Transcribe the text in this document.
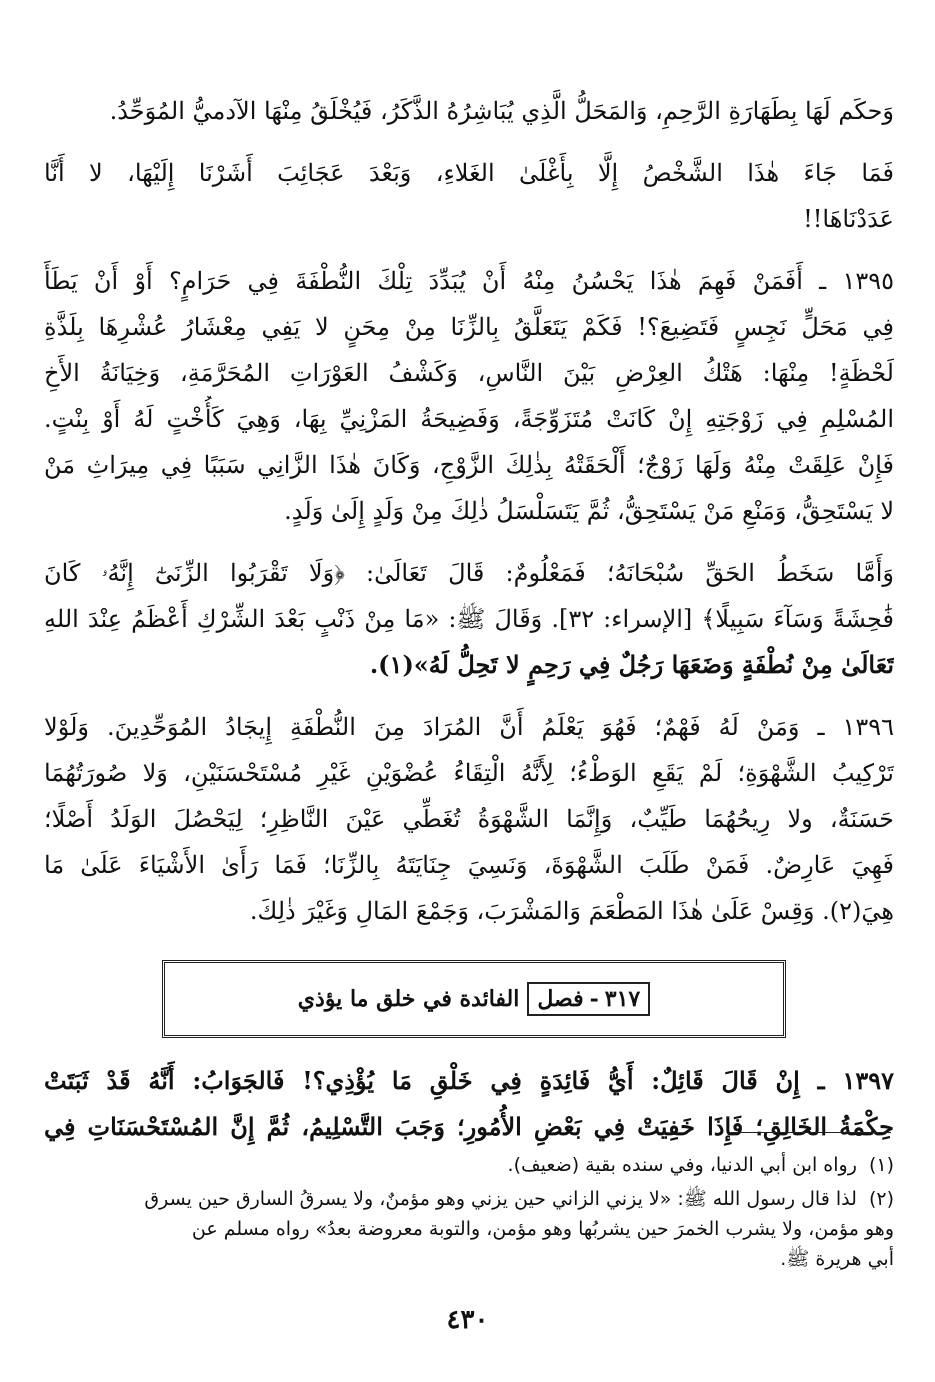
وَحكَم لَهَا بِطَهَارَةِ الرَّحِمِ، وَالمَحَلُّ الَّذِي يُبَاشِرُهُ الذَّكَرُ، فَيُخْلَقُ مِنْهَا الآدميُّ المُوَحِّدُ.

فَمَا جَاءَ هٰذَا الشَّخْصُ إِلَّا بِأَغْلَىٰ الغَلاءِ، وَبَعْدَ عَجَائِبَ أَشَرْنَا إِلَيْهَا، لا أَنَّا
عَدَدْنَاهَا!!

١٣٩٥ ـ أَفَمَنْ فَهِمَ هٰذَا يَحْسُنُ مِنْهُ أَنْ يُبَدِّدَ تِلْكَ النُّطْفَةَ فِي حَرَامٍ؟ أَوْ أَنْ يَطَأَ
فِي مَحَلٍّ نَجِسٍ فَتَضِيعَ؟! فَكَمْ يَتَعَلَّقُ بِالزِّنَا مِنْ مِحَنٍ لا يَفِي مِعْشَارُ عُشْرِهَا بِلَذَّةِ
لَحْظَةٍ! مِنْهَا: هَتْكُ العِرْضِ بَيْنَ النَّاسِ، وَكَشْفُ العَوْرَاتِ المُحَرَّمَةِ، وَخِيَانَةُ الأَخِ
المُسْلِمِ فِي زَوْجَتِهِ إِنْ كَانَتْ مُتَزَوِّجَةً، وَفَضِيحَةُ المَزْنِيِّ بِهَا، وَهِيَ كَأُخْتٍ لَهُ أَوْ بِنْتٍ.
فَإِنْ عَلِقَتْ مِنْهُ وَلَهَا زَوْجٌ؛ أَلْحَقَتْهُ بِذٰلِكَ الزَّوْجِ، وَكَانَ هٰذَا الزَّانِي سَبَبًا فِي مِيرَاثِ مَنْ
لا يَسْتَحِقُّ، وَمَنْعِ مَنْ يَسْتَحِقُّ، ثُمَّ يَتَسَلْسَلُ ذٰلِكَ مِنْ وَلَدٍ إِلَىٰ وَلَدٍ.

وَأَمَّا سَخَطُ الحَقِّ سُبْحَانَهُ؛ فَمَعْلُومٌ: قَالَ تَعَالَىٰ: ﴿وَلَا تَقْرَبُوا الزِّنَىٰٓ إِنَّهُۥ كَانَ
فَٰحِشَةً وَسَآءَ سَبِيلًا﴾ [الإسراء: ٣٢]. وَقَالَ ﷺ: «مَا مِنْ ذَنْبٍ بَعْدَ الشِّرْكِ أَعْظَمُ عِنْدَ اللهِ
تَعَالَىٰ مِنْ نُطْفَةٍ وَضَعَهَا رَجُلٌ فِي رَحِمٍ لا تَحِلُّ لَهُ»(١).

١٣٩٦ ـ وَمَنْ لَهُ فَهْمٌ؛ فَهُوَ يَعْلَمُ أَنَّ المُرَادَ مِنَ النُّطْفَةِ إِيجَادُ المُوَحِّدِينَ. وَلَوْلا
تَرْكِيبُ الشَّهْوَةِ؛ لَمْ يَقَعِ الوَطْءُ؛ لِأَنَّهُ الْتِقَاءُ عُضْوَيْنِ غَيْرِ مُسْتَحْسَنَيْنِ، وَلا صُورَتُهُمَا
حَسَنَةٌ، ولا رِيحُهُمَا طَيِّبٌ، وَإِنَّمَا الشَّهْوَةُ تُغَطِّي عَيْنَ النَّاظِرِ؛ لِيَحْصُلَ الوَلَدُ أَصْلًا؛
فَهِيَ عَارِضٌ. فَمَنْ طَلَبَ الشَّهْوَةَ، وَنَسِيَ جِنَايَتَهُ بِالزِّنَا؛ فَمَا رَأَىٰ الأَشْيَاءَ عَلَىٰ مَا
هِيَ(٢). وَقِسْ عَلَىٰ هٰذَا المَطْعَمَ وَالمَشْرَبَ، وَجَمْعَ المَالِ وَغَيْرَ ذٰلِكَ.

٣١٧
-
فصل
الفائدة في خلق ما يؤذي

١٣٩٧ ـ إِنْ قَالَ قَائِلٌ: أَيُّ فَائِدَةٍ فِي خَلْقِ مَا يُؤْذِي؟! فَالجَوَابُ: أَنَّهُ قَدْ ثَبَتَتْ
حِكْمَةُ الخَالِقِ؛ فَإِذَا خَفِيَتْ فِي بَعْضِ الأُمُورِ؛ وَجَبَ التَّسْلِيمُ، ثُمَّ إِنَّ المُسْتَحْسَنَاتِ فِي

(١) رواه ابن أبي الدنيا، وفي سنده بقية (ضعيف).
(٢) لذا قال رسول الله ﷺ: «لا يزني الزاني حين يزني وهو مؤمنٌ، ولا يسرقُ السارق حين يسرق
وهو مؤمن، ولا يشرب الخمرَ حين يشربُها وهو مؤمن، والتوبة معروضة بعدُ» رواه مسلم عن
أبي هريرة ﷺ.
٤٣٠
